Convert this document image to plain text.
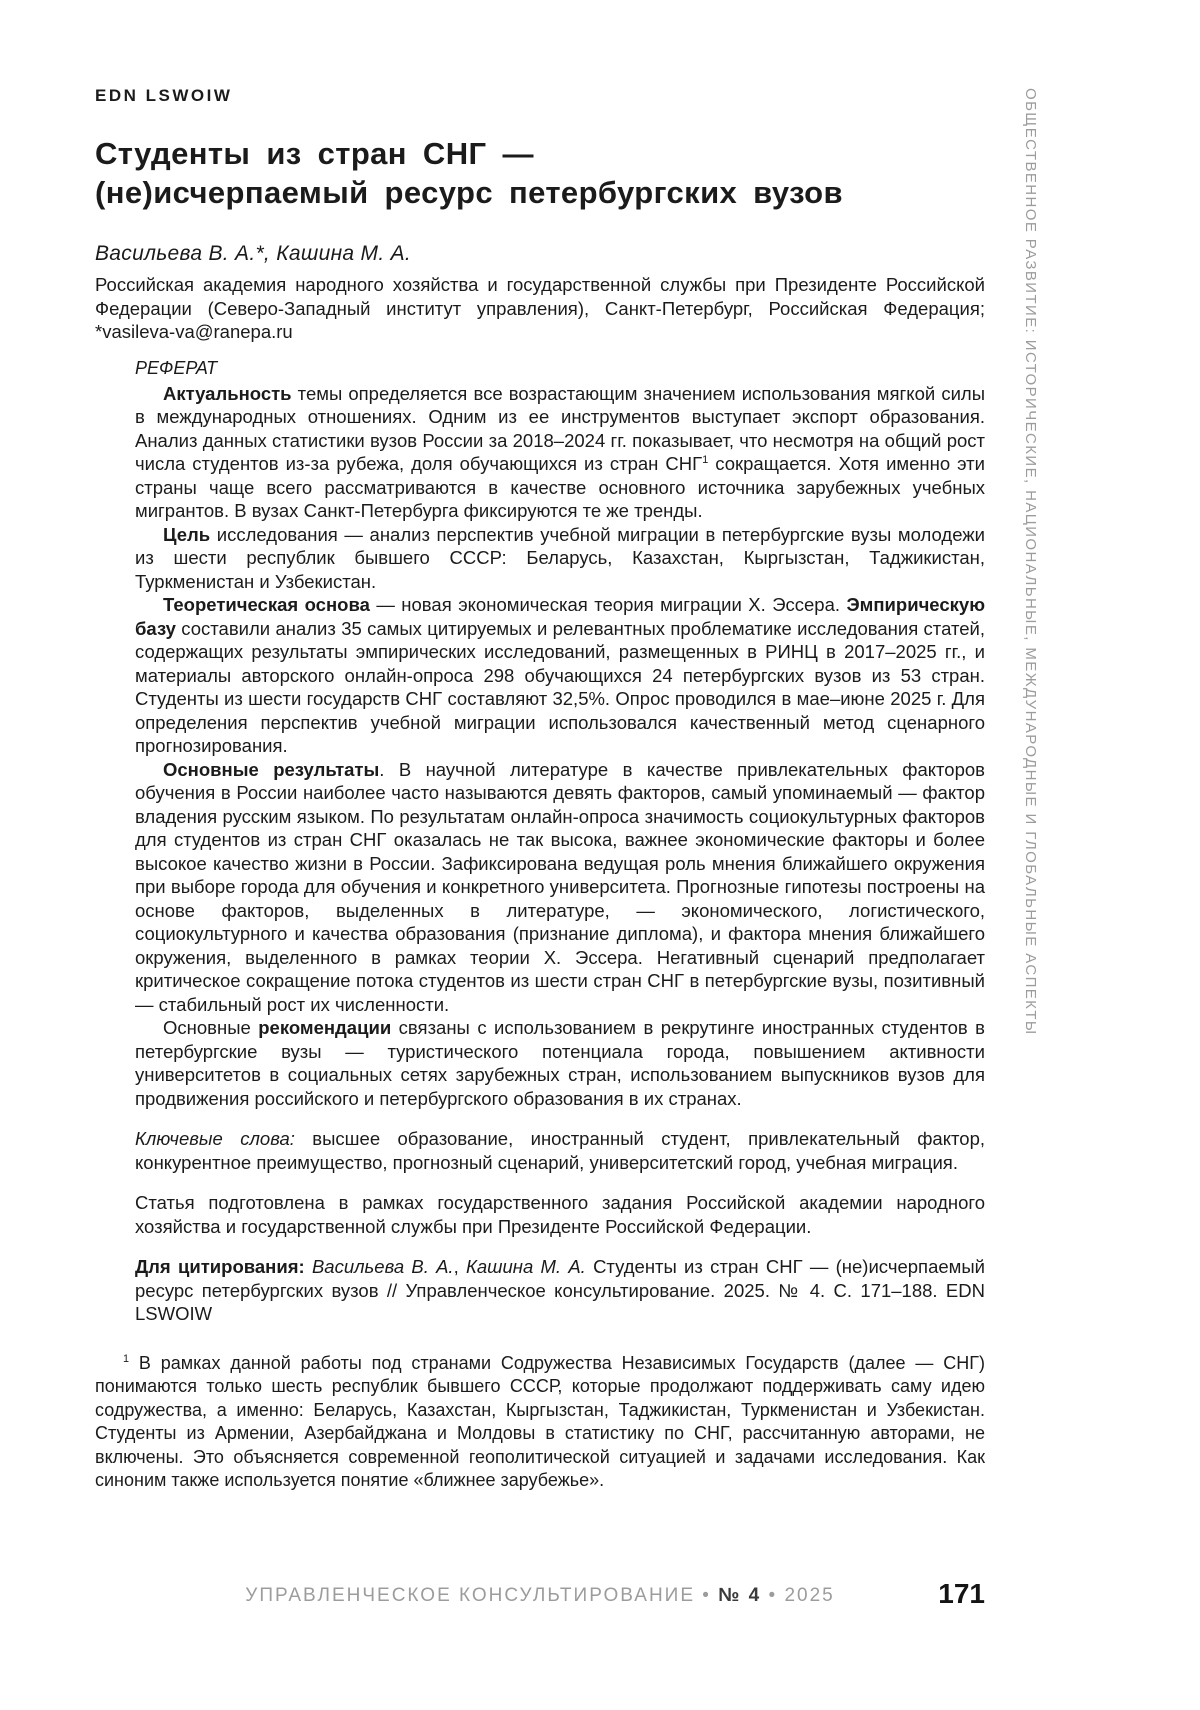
ОБЩЕСТВЕННОЕ РАЗВИТИЕ: ИСТОРИЧЕСКИЕ, НАЦИОНАЛЬНЫЕ, МЕЖДУНАРОДНЫЕ И ГЛОБАЛЬНЫЕ АСПЕКТЫ
EDN LSWOIW
Студенты из стран СНГ —
(не)исчерпаемый ресурс петербургских вузов
Васильева В. А.*, Кашина М. А.
Российская академия народного хозяйства и государственной службы при Президенте Российской Федерации (Северо-Западный институт управления), Санкт-Петербург, Российская Федерация; *vasileva-va@ranepa.ru
РЕФЕРАТ

Актуальность темы определяется все возрастающим значением использования мягкой силы в международных отношениях. Одним из ее инструментов выступает экспорт образования. Анализ данных статистики вузов России за 2018–2024 гг. показывает, что несмотря на общий рост числа студентов из-за рубежа, доля обучающихся из стран СНГ$^1$ сокращается. Хотя именно эти страны чаще всего рассматриваются в качестве основного источника зарубежных учебных мигрантов. В вузах Санкт-Петербурга фиксируются те же тренды.

Цель исследования — анализ перспектив учебной миграции в петербургские вузы молодежи из шести республик бывшего СССР: Беларусь, Казахстан, Кыргызстан, Таджикистан, Туркменистан и Узбекистан.

Теоретическая основа — новая экономическая теория миграции Х. Эссера. Эмпирическую базу составили анализ 35 самых цитируемых и релевантных проблематике исследования статей, содержащих результаты эмпирических исследований, размещенных в РИНЦ в 2017–2025 гг., и материалы авторского онлайн-опроса 298 обучающихся 24 петербургских вузов из 53 стран. Студенты из шести государств СНГ составляют 32,5%. Опрос проводился в мае–июне 2025 г. Для определения перспектив учебной миграции использовался качественный метод сценарного прогнозирования.

Основные результаты. В научной литературе в качестве привлекательных факторов обучения в России наиболее часто называются девять факторов, самый упоминаемый — фактор владения русским языком. По результатам онлайн-опроса значимость социокультурных факторов для студентов из стран СНГ оказалась не так высока, важнее экономические факторы и более высокое качество жизни в России. Зафиксирована ведущая роль мнения ближайшего окружения при выборе города для обучения и конкретного университета. Прогнозные гипотезы построены на основе факторов, выделенных в литературе, — экономического, логистического, социокультурного и качества образования (признание диплома), и фактора мнения ближайшего окружения, выделенного в рамках теории Х. Эссера. Негативный сценарий предполагает критическое сокращение потока студентов из шести стран СНГ в петербургские вузы, позитивный — стабильный рост их численности.

Основные рекомендации связаны с использованием в рекрутинге иностранных студентов в петербургские вузы — туристического потенциала города, повышением активности университетов в социальных сетях зарубежных стран, использованием выпускников вузов для продвижения российского и петербургского образования в их странах.

Ключевые слова: высшее образование, иностранный студент, привлекательный фактор, конкурентное преимущество, прогнозный сценарий, университетский город, учебная миграция.

Статья подготовлена в рамках государственного задания Российской академии народного хозяйства и государственной службы при Президенте Российской Федерации.

Для цитирования: Васильева В. А., Кашина М. А. Студенты из стран СНГ — (не)исчерпаемый ресурс петербургских вузов // Управленческое консультирование. 2025. № 4. С. 171–188. EDN LSWOIW

$^1$ В рамках данной работы под странами Содружества Независимых Государств (далее — СНГ) понимаются только шесть республик бывшего СССР, которые продолжают поддерживать саму идею содружества, а именно: Беларусь, Казахстан, Кыргызстан, Таджикистан, Туркменистан и Узбекистан. Студенты из Армении, Азербайджана и Молдовы в статистику по СНГ, рассчитанную авторами, не включены. Это объясняется современной геополитической ситуацией и задачами исследования. Как синоним также используется понятие «ближнее зарубежье».

УПРАВЛЕНЧЕСКОЕ КОНСУЛЬТИРОВАНИЕ • № 4 • 2025	171
